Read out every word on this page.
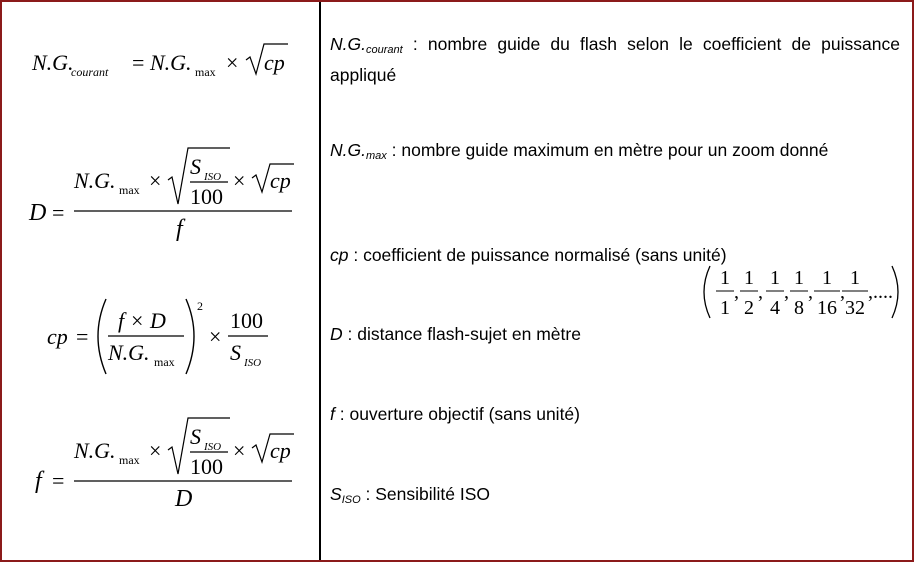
N.G.
courant = N.G. max × cp
D =
N.G. max ×
S ISO
100
× cp
f
cp =
f × D
N.G. max
2
×
100
S ISO
f =
N.G. max ×
S ISO
100
× cp
D
$N.G._{courant}$ : nombre guide du flash selon le coefficient de puissance appliqué
$N.G._{max}$ : nombre guide maximum en mètre pour un zoom donné
cp : coefficient de puissance normalisé (sans unité)
D : distance flash-sujet en mètre
f : ouverture objectif (sans unité)
$S_{ISO}$ : Sensibilité ISO
1
1
,
1
2
,
1
4
,
1
8
,
1
16
,
1
32
,....
